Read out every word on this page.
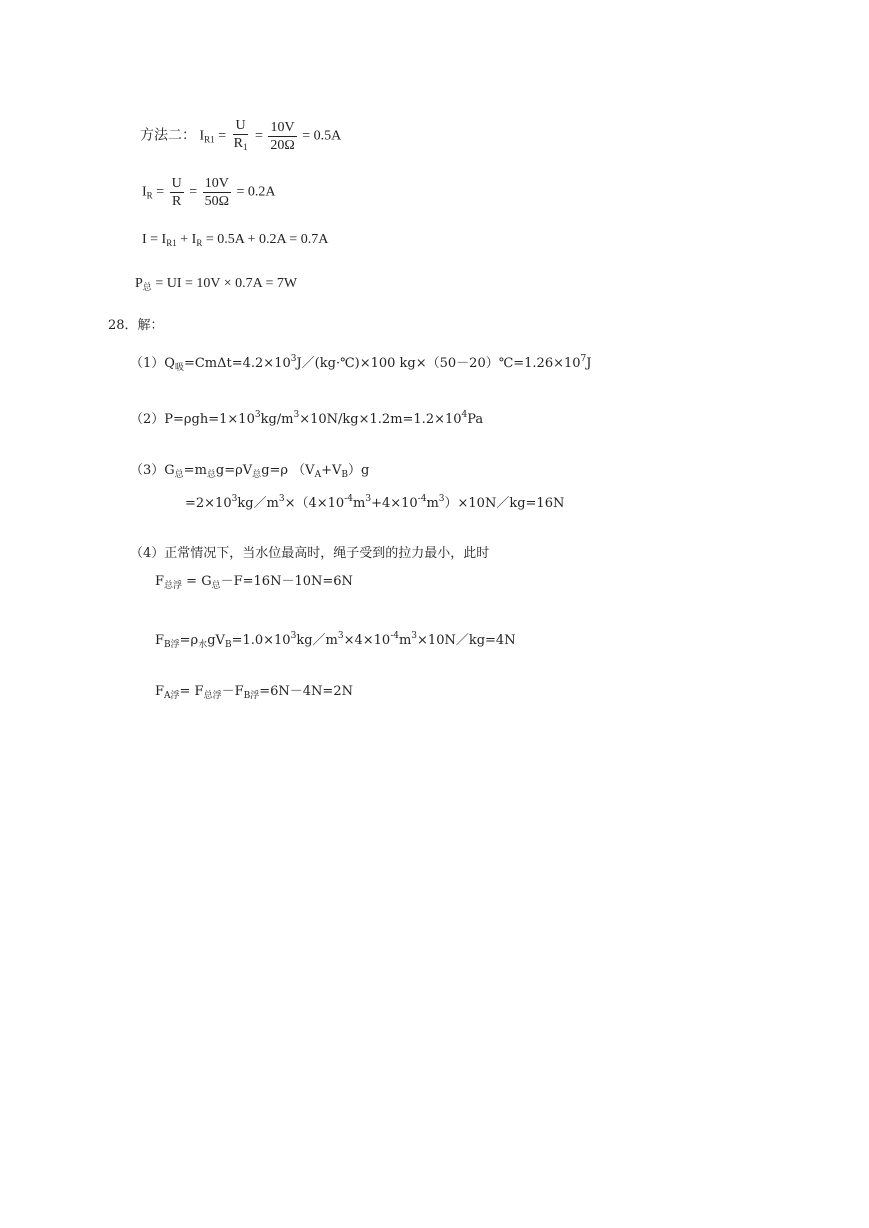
方法二： $I_{R1} = \frac{U}{R_1} = \frac{10V}{20\Omega} = 0.5A$
$I_R = \frac{U}{R} = \frac{10V}{50\Omega} = 0.2A$
$I = I_{R1} + I_R = 0.5A + 0.2A = 0.7A$
$P_总$ = UI = 10V × 0.7A = 7W
28．解：
$(1)Q_吸=Cm\Delta t=4.2\times 10^3J/(kg\cdot℃)\times 100$ $kg\times(50-20)℃=1.26\times 10^7J$
$(2)P=\rho gh=1\times 10^3kg/m^3\times 10N/kg\times 1.2m=1.2\times 10^4Pa$
$(3)G_总=m_总g=\rho V_总g=\rho$ $(V_A+V_B)g$
$=2\times 10^3kg/m^3\times(4\times 10^{-4}m^3+4\times 10^{-4}m^3)\times 10N/kg=16N$
（4）正常情况下，当水位最高时，绳子受到的拉力最小，此时
$F_{总浮} = G_总-F=16N-10N=6N$
$F_{B浮}=\rho_水gV_B=1.0\times 10^3kg/m^3\times 4\times 10^{-4}m^3\times 10N/kg=4N$
$F_{A浮}= F_{总浮}-F_{B浮}=6N-4N=2N$
